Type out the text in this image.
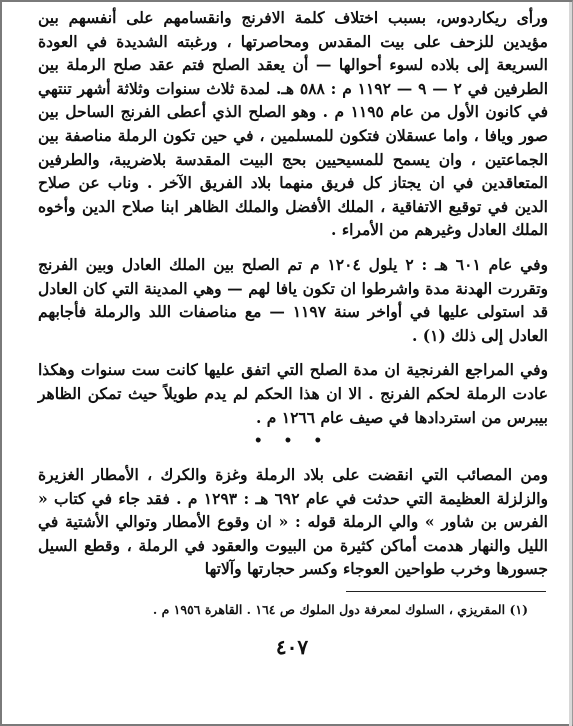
ورأى ريكاردوس، بسبب اختلاف كلمة الافرنج وانقسامهم على أنفسهم بين مؤيدين للزحف على بيت المقدس ومحاصرتها ، ورغبته الشديدة في العودة السريعة إلى بلاده لسوء أحوالها — أن يعقد الصلح فتم عقد صلح الرملة بين الطرفين في ٢ — ٩ — ١١٩٢ م : ٥٨٨ هـ. لمدة ثلاث سنوات وثلاثة أشهر تنتهي في كانون الأول من عام ١١٩٥ م . وهو الصلح الذي أعطى الفرنج الساحل بين صور ويافا ، واما عسقلان فتكون للمسلمين ، في حين تكون الرملة مناصفة بين الجماعتين ، وان يسمح للمسيحيين بحج البيت المقدسة بلاضريبة، والطرفين المتعاقدين في ان يجتاز كل فريق منهما بلاد الفريق الآخر . وناب عن صلاح الدين في توقيع الاتفاقية ، الملك الأفضل والملك الظاهر ابنا صلاح الدين وأخوه الملك العادل وغيرهم من الأمراء .

وفي عام ٦٠١ هـ : ٢ يلول ١٢٠٤ م تم الصلح بين الملك العادل وبين الفرنج وتقررت الهدنة مدة واشرطوا ان تكون يافا لهم — وهي المدينة التي كان العادل قد استولى عليها في أواخر سنة ١١٩٧ — مع مناصفات اللد والرملة فأجابهم العادل إلى ذلك (١) .

وفي المراجع الفرنجية ان مدة الصلح التي اتفق عليها كانت ست سنوات وهكذا عادت الرملة لحكم الفرنج . الا ان هذا الحكم لم يدم طويلاً حيث تمكن الظاهر بيبرس من استردادها في صيف عام ١٢٦٦ م .

• • •

ومن المصائب التي انقضت على بلاد الرملة وغزة والكرك ، الأمطار الغزيرة والزلزلة العظيمة التي حدثت في عام ٦٩٢ هـ : ١٢٩٣ م . فقد جاء في كتاب « الفرس بن شاور » والي الرملة قوله : « ان وقوع الأمطار وتوالي الأشتية في الليل والنهار هدمت أماكن كثيرة من البيوت والعقود في الرملة ، وقطع السيل جسورها وخرب طواحين العوجاء وكسر حجارتها وآلاتها

(١) المقريزي ، السلوك لمعرفة دول الملوك ص ١٦٤ . القاهرة ١٩٥٦ م .

٤٠٧
